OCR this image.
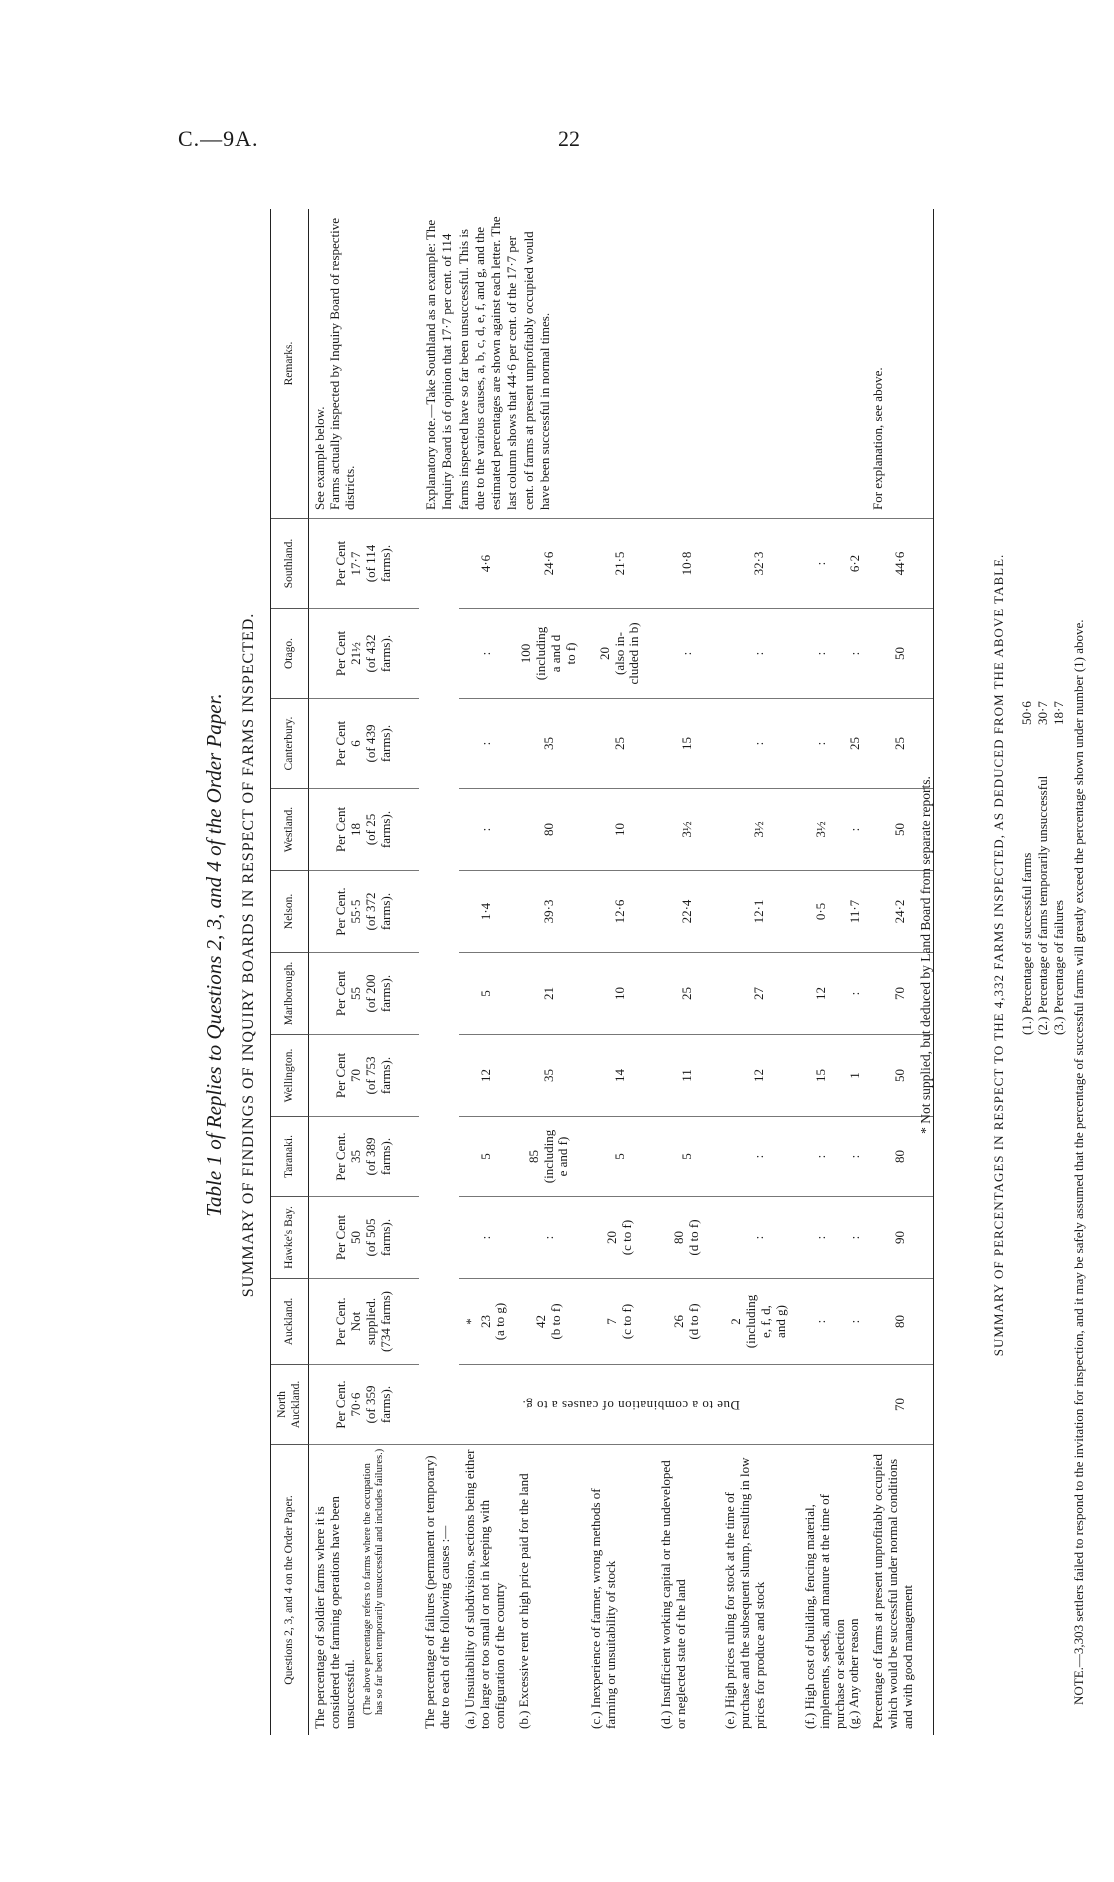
C.—9A.	22
Table 1 of Replies to Questions 2, 3, and 4 of the Order Paper. SUMMARY OF FINDINGS OF INQUIRY BOARDS IN RESPECT OF FARMS INSPECTED.
Questions 2, 3, and 4 on the Order Paper.
North Auckland.
Auckland.
Hawke's Bay.
Taranaki.
Wellington.
Marlborough.
Nelson.
Westland.
Canterbury.
Otago.
Southland.
Remarks.
The percentage of soldier farms where it is considered the farming operations have been unsuccessful. (The above percentage refers to farms where the occupation has so far been temporarily unsuccessful and includes failures.)
Per Cent.
70·6
(of 359
farms).
Per Cent.
Not
supplied.
(734 farms)
Per Cent
50
(of 505
farms).
Per Cent.
35
(of 389
farms).
Per Cent
70
(of 753
farms).
Per Cent
55
(of 200
farms).
Per Cent.
55·5
(of 372
farms).
Per Cent
18
(of 25
farms).
Per Cent
6
(of 439
farms).
Per Cent
21½
(of 432
farms).
Per Cent
17·7
(of 114
farms).
See example below.
Farms actually inspected by Inquiry Board of respective districts.
The percentage of failures (permanent or temporary) due to each of the following causes :—
Due to a combination of causes a to g.
Explanatory note.—Take Southland as an example: The Inquiry Board is of opinion that 17·7 per cent. of 114 farms inspected have so far been unsuccessful. This is due to the various causes, a, b, c, d, e, f, and g, and the estimated percentages are shown against each letter. The last column shows that 44·6 per cent. of the 17·7 per cent. of farms at present unprofitably occupied would have been successful in normal times.
(a.) Unsuitability of subdivision, sections being either too large or too small or not in keeping with configuration of the country
*
23
(a to g)
:
5
12
5
1·4
:
:
:
4·6
(b.) Excessive rent or high price paid for the land
42
(b to f)
:
85
(including
e and f)
35
21
39·3
80
35
100
(including
a and d
to f)
24·6
(c.) Inexperience of farmer, wrong methods of farming or unsuitability of stock
7
(c to f)
20
(c to f)
5
14
10
12·6
10
25
20
(also in-
cluded in b)
21·5
(d.) Insufficient working capital or the undeveloped or neglected state of the land
26
(d to f)
80
(d to f)
5
11
25
22·4
3½
15
:
10·8
(e.) High prices ruling for stock at the time of purchase and the subsequent slump, resulting in low prices for produce and stock
2
(including
e, f, d,
and g)
:
:
12
27
12·1
3½
:
:
32·3
(f.) High cost of building, fencing material, implements, seeds, and manure at the time of purchase or selection
:
:
:
15
12
0·5
3½
:
:
:
(g.) Any other reason
:
:
:
1
:
11·7
:
25
:
6·2
Percentage of farms at present unprofitably occupied which would be successful under normal conditions and with good management
70
80
90
80
50
70
24·2
50
25
50
44·6
For explanation, see above.
* Not supplied, but deduced by Land Board from separate reports.	SUMMARY OF PERCENTAGES IN RESPECT TO THE 4,332 FARMS INSPECTED, AS DEDUCED FROM THE ABOVE TABLE. (1.) Percentage of successful farms
50·6
(2.) Percentage of farms temporarily unsuccessful
30·7
(3.) Percentage of failures
18·7 NOTE.—3,303 settlers failed to respond to the invitation for inspection, and it may be safely assumed that the percentage of successful farms will greatly exceed the percentage shown under number (1) above.
